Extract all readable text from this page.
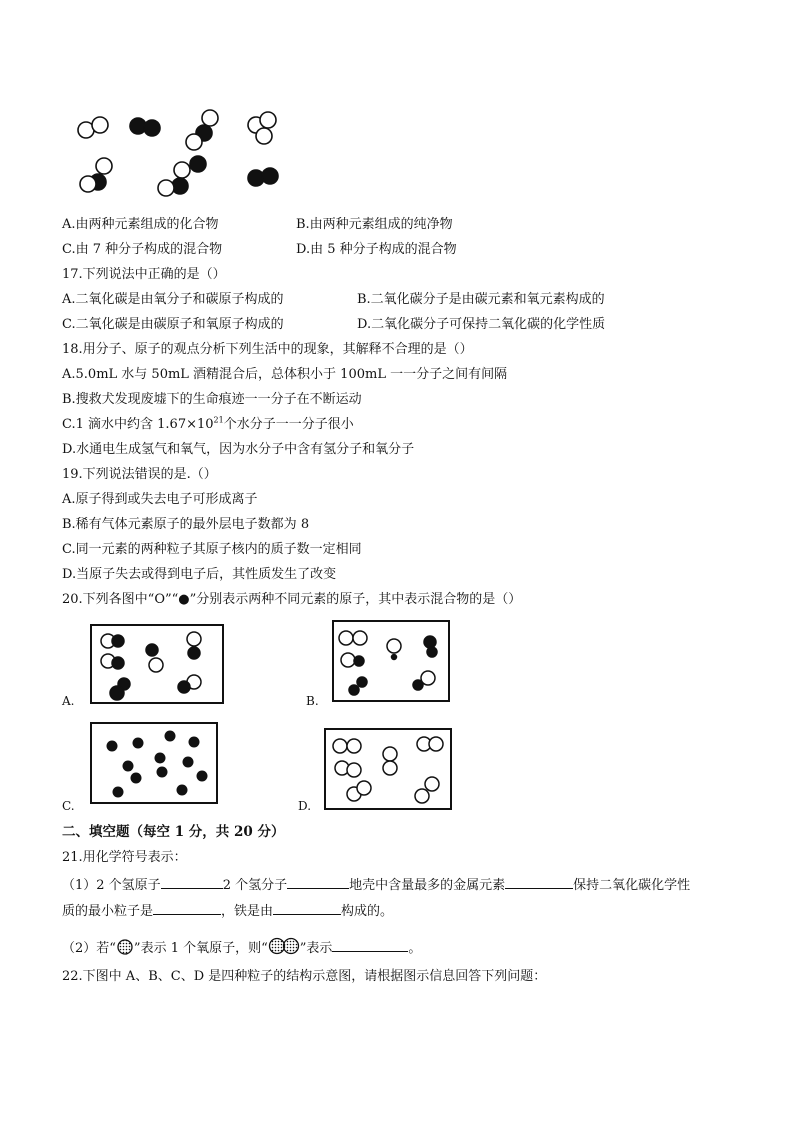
A.由两种元素组成的化合物	B.由两种元素组成的纯净物
C.由 7 种分子构成的混合物	D.由 5 种分子构成的混合物
17.下列说法中正确的是（）
A.二氧化碳是由氧分子和碳原子构成的	B.二氧化碳分子是由碳元素和氧元素构成的
C.二氧化碳是由碳原子和氧原子构成的	D.二氧化碳分子可保持二氧化碳的化学性质
18.用分子、原子的观点分析下列生活中的现象，其解释不合理的是（）
A.5.0mL 水与 50mL 酒精混合后，总体积小于 100mL 一一分子之间有间隔
B.搜救犬发现废墟下的生命痕迹一一分子在不断运动
C.1 滴水中约含 $1.67\times 10^{21}$个水分子一一分子很小
D.水通电生成氢气和氧气，因为水分子中含有氢分子和氧分子
19.下列说法错误的是.（）
A.原子得到或失去电子可形成离子
B.稀有气体元素原子的最外层电子数都为 8
C.同一元素的两种粒子其原子核内的质子数一定相同
D.当原子失去或得到电子后，其性质发生了改变
20.下列各图中“O”“●”分别表示两种不同元素的原子，其中表示混合物的是（）
A.	B.
C.	D.
二、填空题（每空 1 分，共 20 分）
21.用化学符号表示：
（1）2 个氢原子	2 个氢分子	地壳中含量最多的金属元素	保持二氧化碳化学性
质的最小粒子是	，铁是由	构成的。
（2）若“ ”表示 1 个氧原子，则“ ”表示	。
22.下图中 A、B、C、D 是四种粒子的结构示意图，请根据图示信息回答下列问题：
